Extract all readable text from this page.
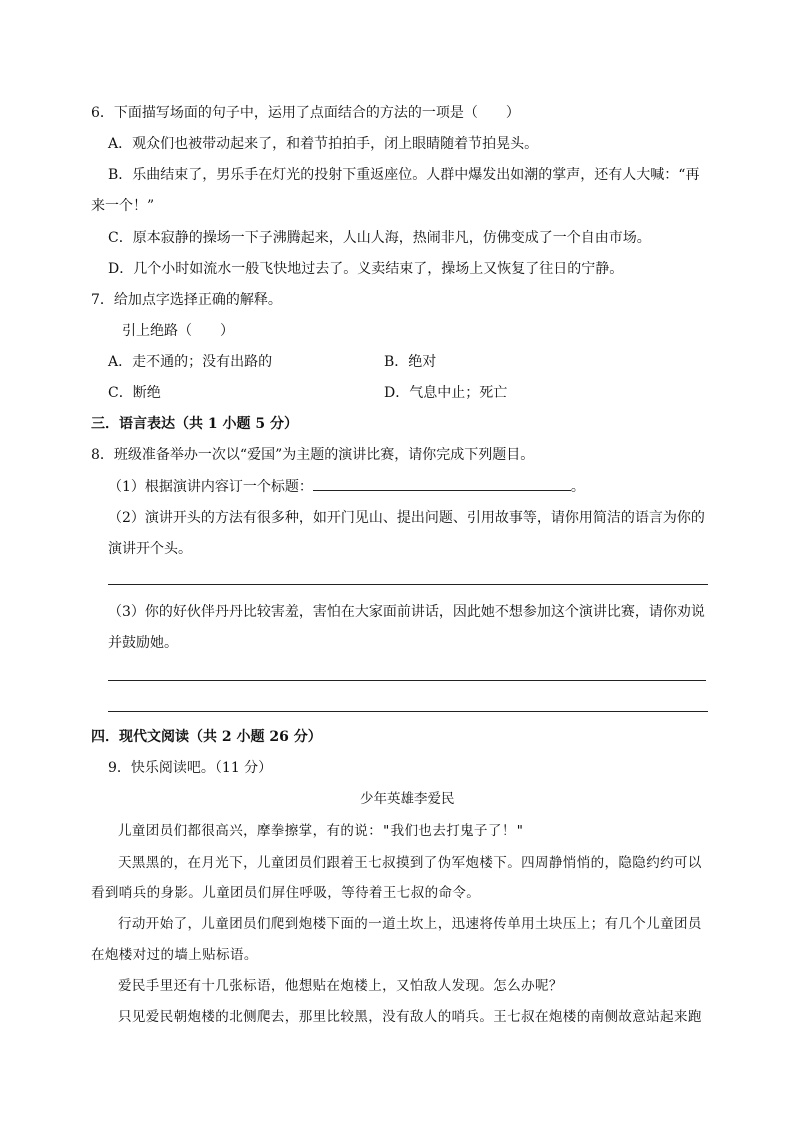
6．下面描写场面的句子中，运用了点面结合的方法的一项是（　　）
A．观众们也被带动起来了，和着节拍拍手，闭上眼睛随着节拍晃头。
B．乐曲结束了，男乐手在灯光的投射下重返座位。人群中爆发出如潮的掌声，还有人大喊：“再
来一个！”
C．原本寂静的操场一下子沸腾起来，人山人海，热闹非凡，仿佛变成了一个自由市场。
D．几个小时如流水一般飞快地过去了。义卖结束了，操场上又恢复了往日的宁静。
7．给加点字选择正确的解释。
引上绝路（　　）
A．走不通的；没有出路的	B．绝对
C．断绝	D．气息中止；死亡
三．语言表达（共 1 小题 5 分）
8．班级准备举办一次以“爱国”为主题的演讲比赛，请你完成下列题目。
（1）根据演讲内容订一个标题：	。
（2）演讲开头的方法有很多种，如开门见山、提出问题、引用故事等，请你用简洁的语言为你的
演讲开个头。
（3）你的好伙伴丹丹比较害羞，害怕在大家面前讲话，因此她不想参加这个演讲比赛，请你劝说
并鼓励她。
四．现代文阅读（共 2 小题 26 分）
9．快乐阅读吧。（11 分）
少年英雄李爱民
儿童团员们都很高兴，摩拳擦掌，有的说："我们也去打鬼子了！"
天黑黑的，在月光下，儿童团员们跟着王七叔摸到了伪军炮楼下。四周静悄悄的，隐隐约约可以
看到哨兵的身影。儿童团员们屏住呼吸，等待着王七叔的命令。
行动开始了，儿童团员们爬到炮楼下面的一道土坎上，迅速将传单用土块压上；有几个儿童团员
在炮楼对过的墙上贴标语。
爱民手里还有十几张标语，他想贴在炮楼上，又怕敌人发现。怎么办呢？
只见爱民朝炮楼的北侧爬去，那里比较黑，没有敌人的哨兵。王七叔在炮楼的南侧故意站起来跑
